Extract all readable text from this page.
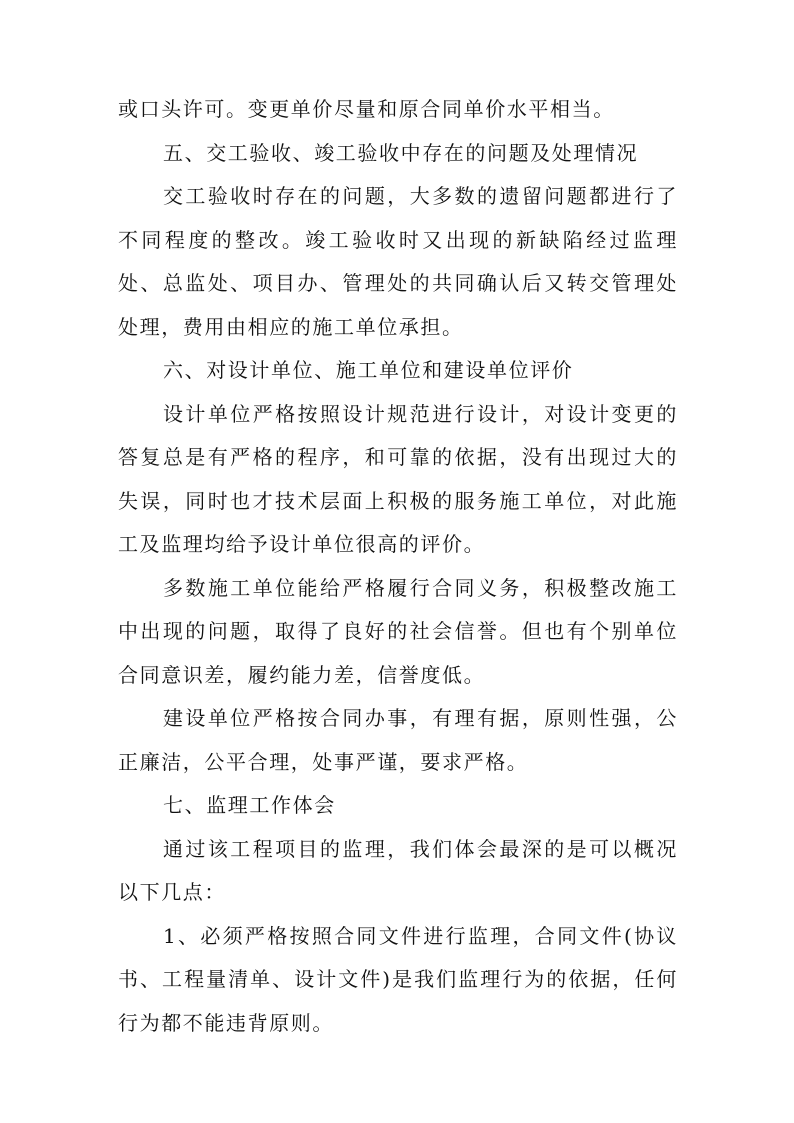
或口头许可。变更单价尽量和原合同单价水平相当。

五、交工验收、竣工验收中存在的问题及处理情况

交工验收时存在的问题，大多数的遗留问题都进行了不同程度的整改。竣工验收时又出现的新缺陷经过监理处、总监处、项目办、管理处的共同确认后又转交管理处处理，费用由相应的施工单位承担。

六、对设计单位、施工单位和建设单位评价

设计单位严格按照设计规范进行设计，对设计变更的答复总是有严格的程序，和可靠的依据，没有出现过大的失误，同时也才技术层面上积极的服务施工单位，对此施工及监理均给予设计单位很高的评价。

多数施工单位能给严格履行合同义务，积极整改施工中出现的问题，取得了良好的社会信誉。但也有个别单位合同意识差，履约能力差，信誉度低。

建设单位严格按合同办事，有理有据，原则性强，公正廉洁，公平合理，处事严谨，要求严格。

七、监理工作体会

通过该工程项目的监理，我们体会最深的是可以概况以下几点：

1、必须严格按照合同文件进行监理，合同文件(协议书、工程量清单、设计文件)是我们监理行为的依据，任何行为都不能违背原则。
